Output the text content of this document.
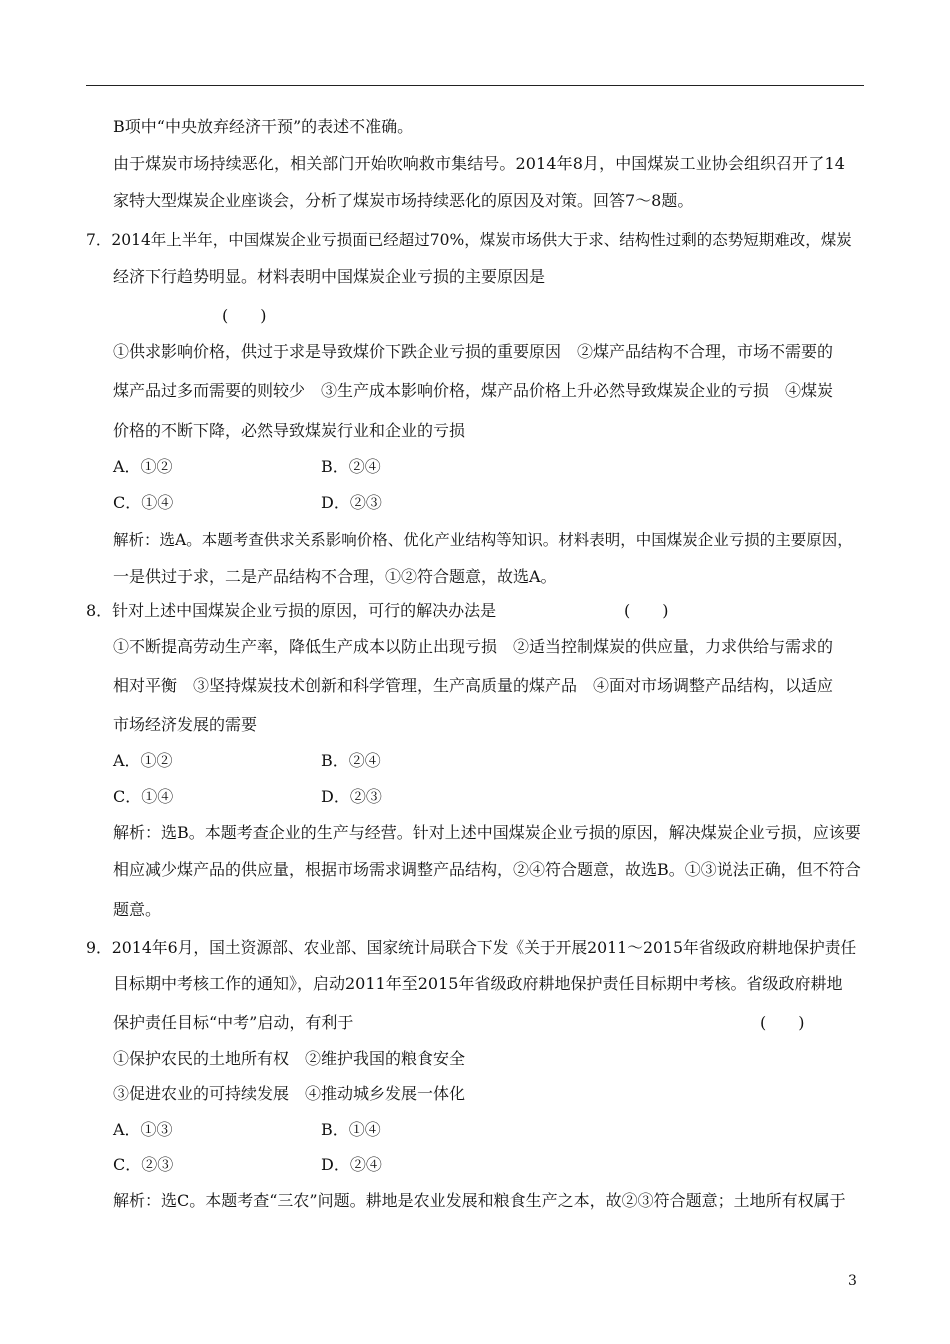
B项中“中央放弃经济干预”的表述不准确。
由于煤炭市场持续恶化，相关部门开始吹响救市集结号。2014年8月，中国煤炭工业协会组织召开了14
家特大型煤炭企业座谈会，分析了煤炭市场持续恶化的原因及对策。回答7～8题。
7．2014年上半年，中国煤炭企业亏损面已经超过70%，煤炭市场供大于求、结构性过剩的态势短期难改，煤炭
经济下行趋势明显。材料表明中国煤炭企业亏损的主要原因是
(　　)
①供求影响价格，供过于求是导致煤价下跌企业亏损的重要原因　②煤产品结构不合理，市场不需要的
煤产品过多而需要的则较少　③生产成本影响价格，煤产品价格上升必然导致煤炭企业的亏损　④煤炭
价格的不断下降，必然导致煤炭行业和企业的亏损
A．①②	B．②④
C．①④	D．②③
解析：选A。本题考查供求关系影响价格、优化产业结构等知识。材料表明，中国煤炭企业亏损的主要原因，
一是供过于求，二是产品结构不合理，①②符合题意，故选A。
8．针对上述中国煤炭企业亏损的原因，可行的解决办法是	(　　)
①不断提高劳动生产率，降低生产成本以防止出现亏损　②适当控制煤炭的供应量，力求供给与需求的
相对平衡　③坚持煤炭技术创新和科学管理，生产高质量的煤产品　④面对市场调整产品结构，以适应
市场经济发展的需要
A．①②	B．②④
C．①④	D．②③
解析：选B。本题考查企业的生产与经营。针对上述中国煤炭企业亏损的原因，解决煤炭企业亏损，应该要
相应减少煤产品的供应量，根据市场需求调整产品结构，②④符合题意，故选B。①③说法正确，但不符合
题意。
9．2014年6月，国土资源部、农业部、国家统计局联合下发《关于开展2011～2015年省级政府耕地保护责任
目标期中考核工作的通知》，启动2011年至2015年省级政府耕地保护责任目标期中考核。省级政府耕地
保护责任目标“中考”启动，有利于	(　　)
①保护农民的土地所有权　②维护我国的粮食安全
③促进农业的可持续发展　④推动城乡发展一体化
A．①③	B．①④
C．②③	D．②④
解析：选C。本题考查“三农”问题。耕地是农业发展和粮食生产之本，故②③符合题意；土地所有权属于
3
